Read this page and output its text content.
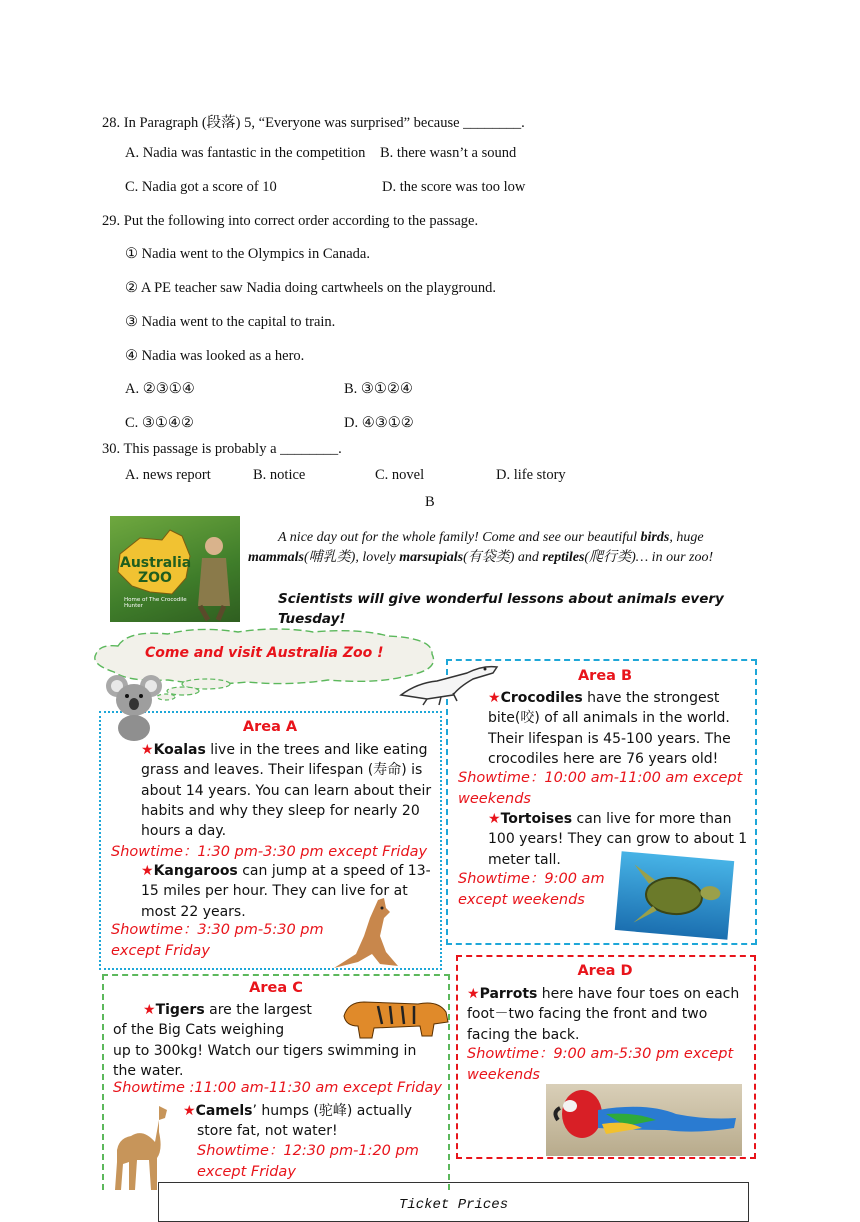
28. In Paragraph (段落) 5, “Everyone was surprised” because ________.
A. Nadia was fantastic in the competition B. there wasn’t a sound
C. Nadia got a score of 10	D. the score was too low
29. Put the following into correct order according to the passage.
① Nadia went to the Olympics in Canada.
② A PE teacher saw Nadia doing cartwheels on the playground.
③ Nadia went to the capital to train.
④ Nadia was looked as a hero.
A. ②③①④	B. ③①②④
C. ③①④②	D. ④③①②
30. This passage is probably a ________.
A. news report	B. notice	C. novel	D. life story
B
Australia
ZOO
Home of The Crocodile Hunter
A nice day out for the whole family! Come and see our beautiful birds, huge mammals(哺乳类), lovely marsupials(有袋类) and reptiles(爬行类)… in our zoo!
Scientists will give wonderful lessons about animals every Tuesday!
Come and visit Australia Zoo !
Area A
★Koalas live in the trees and like eating grass and leaves. Their lifespan (寿命) is about 14 years. You can learn about their habits and why they sleep for nearly 20 hours a day.
Showtime：1:30 pm-3:30 pm except Friday
★Kangaroos can jump at a speed of 13-15 miles per hour. They can live for at most 22 years.
Showtime：3:30 pm-5:30 pm
except Friday
Area B
★Crocodiles have the strongest bite(咬) of all animals in the world. Their lifespan is 45-100 years. The crocodiles here are 76 years old!
Showtime：10:00 am-11:00 am except weekends
★Tortoises can live for more than 100 years! They can grow to about 1 meter tall.
Showtime：9:00 am
except weekends
Area C
★Tigers are the largest
of the Big Cats weighing
up to 300kg! Watch our tigers swimming in the water.
Showtime :11:00 am-11:30 am except Friday
★Camels’ humps (驼峰) actually
store fat, not water!
Showtime：12:30 pm-1:20 pm
except Friday
Area D
★Parrots here have four toes on each foot－two facing the front and two facing the back.
Showtime：9:00 am-5:30 pm except weekends
Ticket Prices
